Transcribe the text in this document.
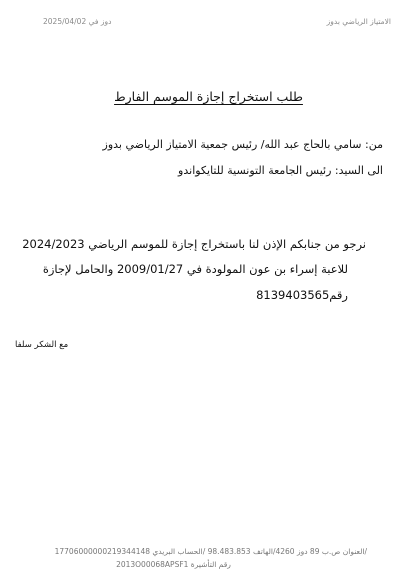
الامتياز الرياضي بدوز
دوز في 2025/04/02
طلب استخراج إجازة الموسم الفارط
من: سامي بالحاج عبد الله/ رئيس جمعية الامتياز الرياضي بدوز
الى السيد: رئيس الجامعة التونسية للتايكواندو
نرجو من جنابكم الإذن لنا باستخراج إجازة للموسم الرياضي 2024/2023
للاعبة إسراء بن عون المولودة في 2009/01/27 والحامل لإجازة
رقم8139403565
مع الشكر سلفا
/العنوان ص.ب 89 دوز 4260/الهاتف 98.483.853 /الحساب البريدي 17706000000219344148
رقم التأشيرة 2013O00068APSF1
